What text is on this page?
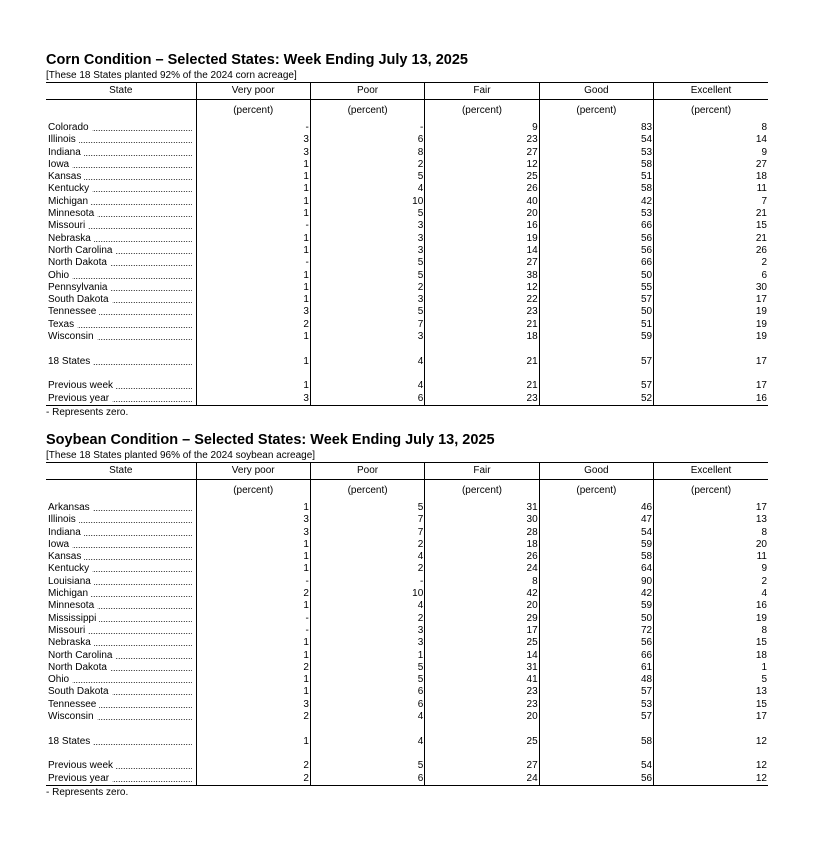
Corn Condition – Selected States: Week Ending July 13, 2025
[These 18 States planted 92% of the 2024 corn acreage]
State	Very poor	Poor	Fair	Good	Excellent
	(percent)	(percent)	(percent)	(percent)	(percent)

Colorado .....	-	-	9	83	8

Illinois .....	3	6	23	54	14

Indiana .....	3	8	27	53	9

Iowa .....	1	2	12	58	27

Kansas .....	1	5	25	51	18

Kentucky .....	1	4	26	58	11

Michigan .....	1	10	40	42	7

Minnesota .....	1	5	20	53	21

Missouri .....	-	3	16	66	15

Nebraska .....	1	3	19	56	21

North Carolina .....	1	3	14	56	26

North Dakota .....	-	5	27	66	2

Ohio .....	1	5	38	50	6

Pennsylvania .....	1	2	12	55	30

South Dakota .....	1	3	22	57	17

Tennessee .....	3	5	23	50	19

Texas .....	2	7	21	51	19

Wisconsin .....	1	3	18	59	19

18 States .....	1	4	21	57	17

Previous week .....	1	4	21	57	17

Previous year .....	3	6	23	52	16
- Represents zero.
Soybean Condition – Selected States: Week Ending July 13, 2025
[These 18 States planted 96% of the 2024 soybean acreage]
State	Very poor	Poor	Fair	Good	Excellent
	(percent)	(percent)	(percent)	(percent)	(percent)

Arkansas .....	1	5	31	46	17

Illinois .....	3	7	30	47	13

Indiana .....	3	7	28	54	8

Iowa .....	1	2	18	59	20

Kansas .....	1	4	26	58	11

Kentucky .....	1	2	24	64	9

Louisiana .....	-	-	8	90	2

Michigan .....	2	10	42	42	4

Minnesota .....	1	4	20	59	16

Mississippi .....	-	2	29	50	19

Missouri .....	-	3	17	72	8

Nebraska .....	1	3	25	56	15

North Carolina .....	1	1	14	66	18

North Dakota .....	2	5	31	61	1

Ohio .....	1	5	41	48	5

South Dakota .....	1	6	23	57	13

Tennessee .....	3	6	23	53	15

Wisconsin .....	2	4	20	57	17

18 States .....	1	4	25	58	12

Previous week .....	2	5	27	54	12

Previous year .....	2	6	24	56	12
- Represents zero.
